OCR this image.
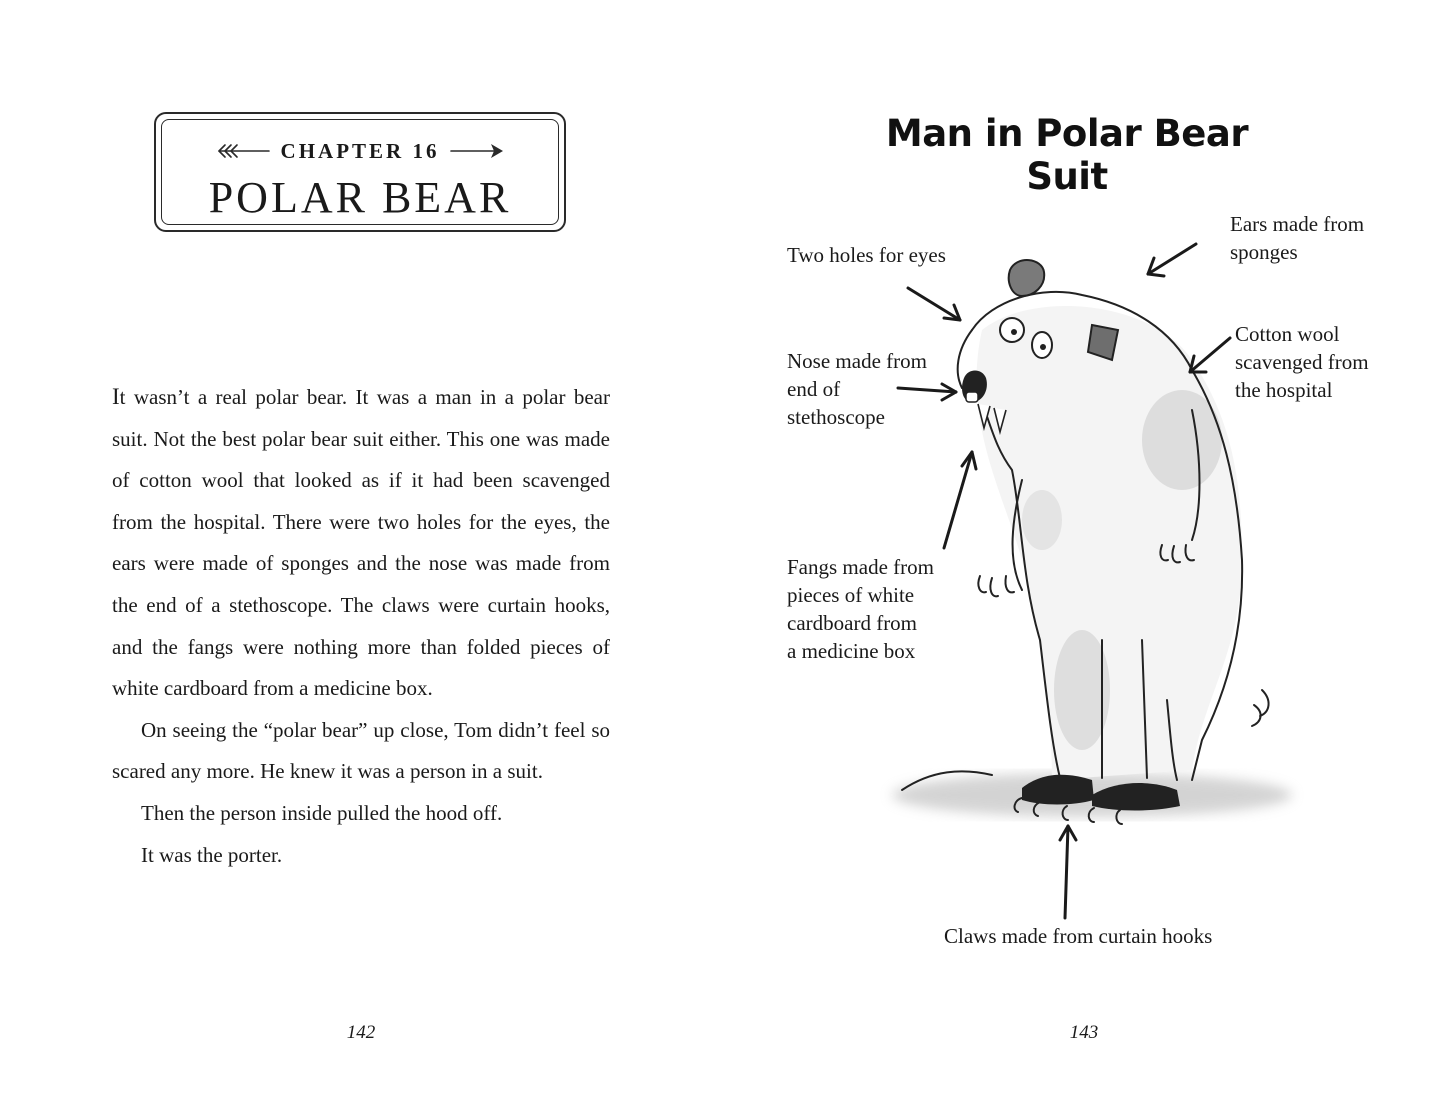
CHAPTER 16
POLAR BEAR

It wasn’t a real polar bear. It was a man in a polar bear suit. Not the best polar bear suit either. This one was made of cotton wool that looked as if it had been scavenged from the hospital. There were two holes for the eyes, the ears were made of sponges and the nose was made from the end of a stethoscope. The claws were curtain hooks, and the fangs were nothing more than folded pieces of white cardboard from a medicine box.

On seeing the “polar bear” up close, Tom didn’t feel so scared any more. He knew it was a person in a suit.

Then the person inside pulled the hood off.

It was the porter.

142
Man in Polar Bear Suit
Ears made from
sponges
Two holes for eyes
Cotton wool
scavenged from
the hospital
Nose made from
end of
stethoscope
Fangs made from
pieces of white
cardboard from
a medicine box
Claws made from curtain hooks
143
